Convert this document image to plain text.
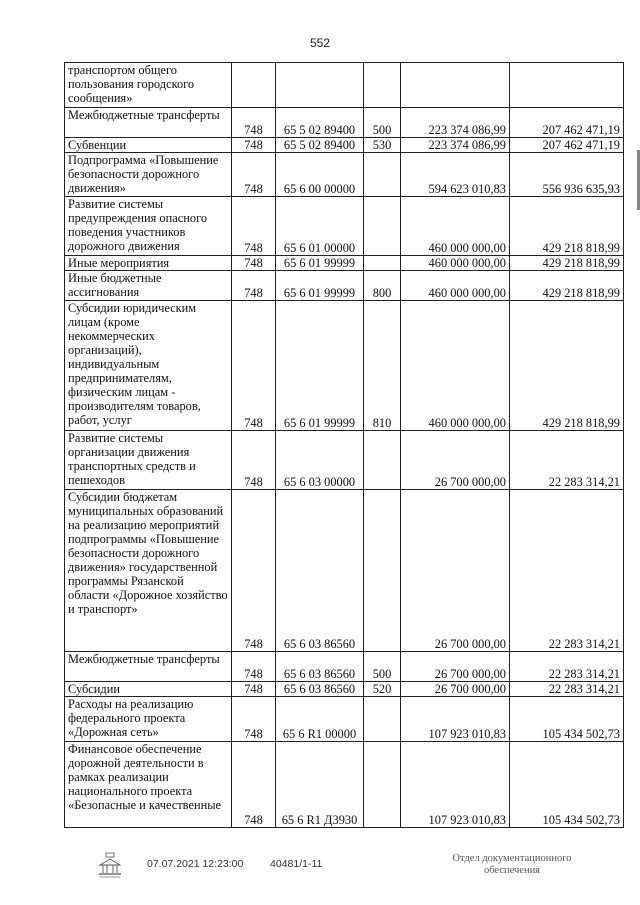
552
транспортом общего пользования городского сообщения»					
Межбюджетные трансферты	748	65 5 02 89400	500	223 374 086,99	207 462 471,19
Субвенции	748	65 5 02 89400	530	223 374 086,99	207 462 471,19
Подпрограмма «Повышение безопасности дорожного движения»	748	65 6 00 00000		594 623 010,83	556 936 635,93
Развитие системы предупреждения опасного поведения участников дорожного движения	748	65 6 01 00000		460 000 000,00	429 218 818,99
Иные мероприятия	748	65 6 01 99999		460 000 000,00	429 218 818,99
Иные бюджетные ассигнования	748	65 6 01 99999	800	460 000 000,00	429 218 818,99
Субсидии юридическим лицам (кроме некоммерческих организаций), индивидуальным предпринимателям, физическим лицам - производителям товаров, работ, услуг	748	65 6 01 99999	810	460 000 000,00	429 218 818,99
Развитие системы организации движения транспортных средств и пешеходов	748	65 6 03 00000		26 700 000,00	22 283 314,21
Субсидии бюджетам муниципальных образований на реализацию мероприятий подпрограммы «Повышение безопасности дорожного движения» государственной программы Рязанской области «Дорожное хозяйство и транспорт»	748	65 6 03 86560		26 700 000,00	22 283 314,21
Межбюджетные трансферты	748	65 6 03 86560	500	26 700 000,00	22 283 314,21
Субсидии	748	65 6 03 86560	520	26 700 000,00	22 283 314,21
Расходы на реализацию федерального проекта «Дорожная сеть»	748	65 6 R1 00000		107 923 010,83	105 434 502,73
Финансовое обеспечение дорожной деятельности в рамках реализации национального проекта «Безопасные и качественные	748	65 6 R1 Д3930		107 923 010,83	105 434 502,73
07.07.2021 12:23:00	40481/1-11	Отдел документационного обеспечения
